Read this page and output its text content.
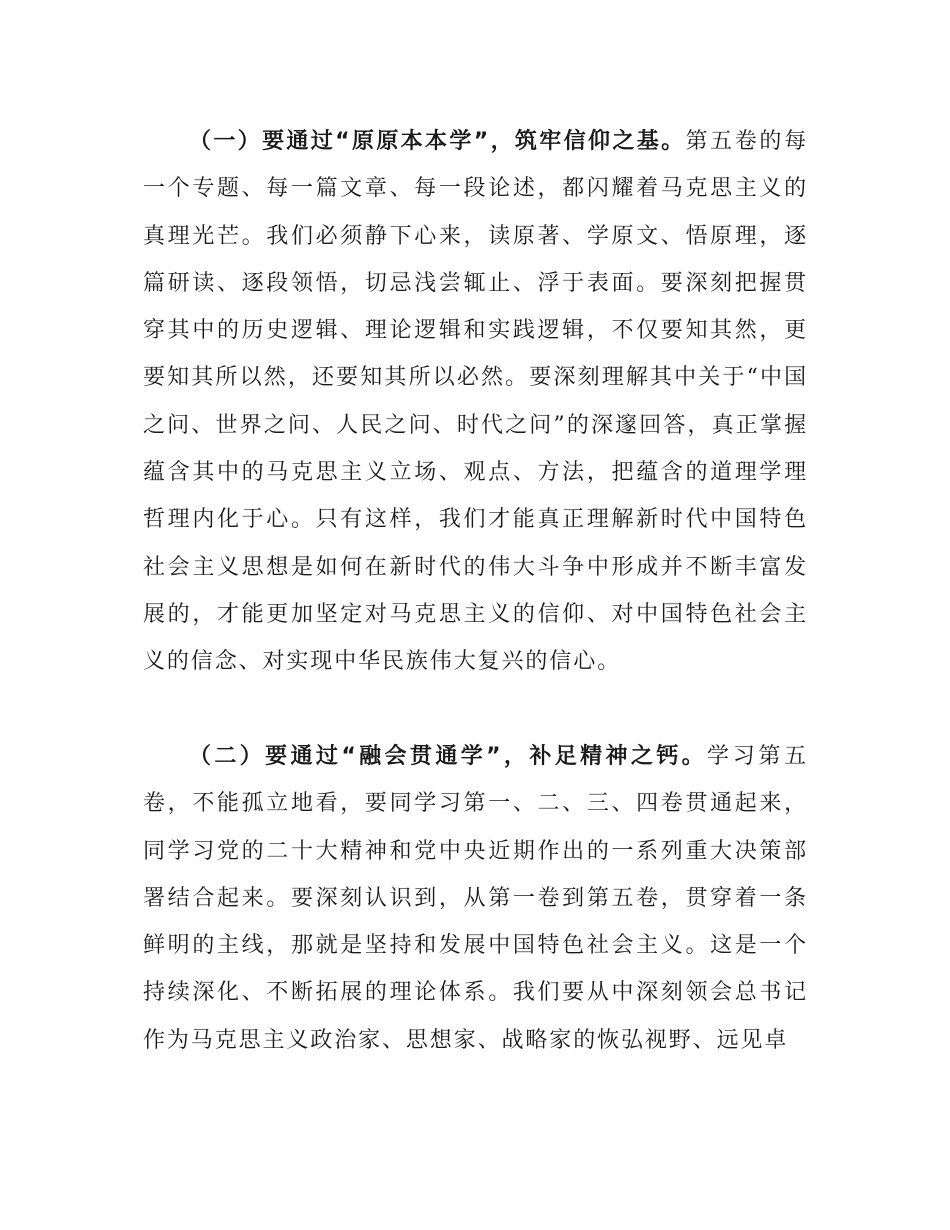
（一）要通过“原原本本学”，筑牢信仰之基。第五卷的每一个专题、每一篇文章、每一段论述，都闪耀着马克思主义的真理光芒。我们必须静下心来，读原著、学原文、悟原理，逐篇研读、逐段领悟，切忌浅尝辄止、浮于表面。要深刻把握贯穿其中的历史逻辑、理论逻辑和实践逻辑，不仅要知其然，更要知其所以然，还要知其所以必然。要深刻理解其中关于“中国之问、世界之问、人民之问、时代之问”的深邃回答，真正掌握蕴含其中的马克思主义立场、观点、方法，把蕴含的道理学理哲理内化于心。只有这样，我们才能真正理解新时代中国特色社会主义思想是如何在新时代的伟大斗争中形成并不断丰富发展的，才能更加坚定对马克思主义的信仰、对中国特色社会主义的信念、对实现中华民族伟大复兴的信心。

（二）要通过“融会贯通学”，补足精神之钙。学习第五卷，不能孤立地看，要同学习第一、二、三、四卷贯通起来，同学习党的二十大精神和党中央近期作出的一系列重大决策部署结合起来。要深刻认识到，从第一卷到第五卷，贯穿着一条鲜明的主线，那就是坚持和发展中国特色社会主义。这是一个持续深化、不断拓展的理论体系。我们要从中深刻领会总书记作为马克思主义政治家、思想家、战略家的恢弘视野、远见卓
